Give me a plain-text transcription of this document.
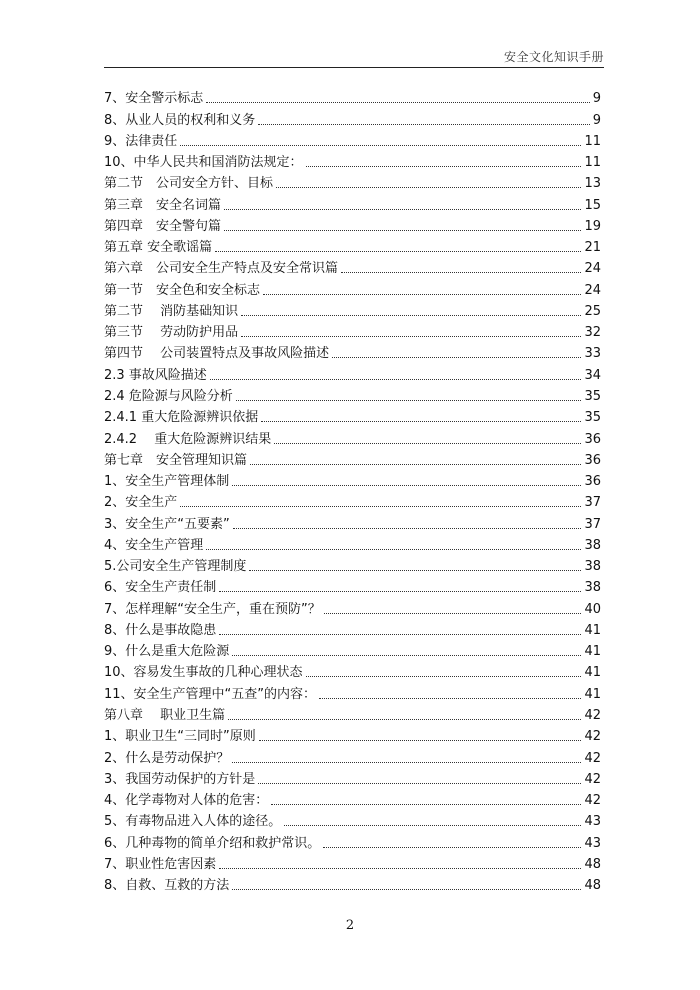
安全文化知识手册
7、安全警示标志	9
8、从业人员的权利和义务	9
9、法律责任	11
10、中华人民共和国消防法规定：	11
第二节　公司安全方针、目标	13
第三章　安全名词篇	15
第四章　安全警句篇	19
第五章 安全歌谣篇	21
第六章　公司安全生产特点及安全常识篇	24
第一节　安全色和安全标志	24
第二节　 消防基础知识	25
第三节　 劳动防护用品	32
第四节　 公司装置特点及事故风险描述	33
2.3 事故风险描述	34
2.4 危险源与风险分析	35
2.4.1 重大危险源辨识依据	35
2.4.2　 重大危险源辨识结果	36
第七章　安全管理知识篇	36
1、安全生产管理体制	36
2、安全生产	37
3、安全生产“五要素”	37
4、安全生产管理	38
5.公司安全生产管理制度	38
6、安全生产责任制	38
7、怎样理解“安全生产，重在预防”？	40
8、什么是事故隐患	41
9、什么是重大危险源	41
10、容易发生事故的几种心理状态	41
11、安全生产管理中“五查”的内容：	41
第八章　 职业卫生篇	42
1、职业卫生“三同时”原则	42
2、什么是劳动保护？	42
3、我国劳动保护的方针是	42
4、化学毒物对人体的危害：	42
5、有毒物品进入人体的途径。	43
6、几种毒物的简单介绍和救护常识。	43
7、职业性危害因素	48
8、自救、互救的方法	48
2
